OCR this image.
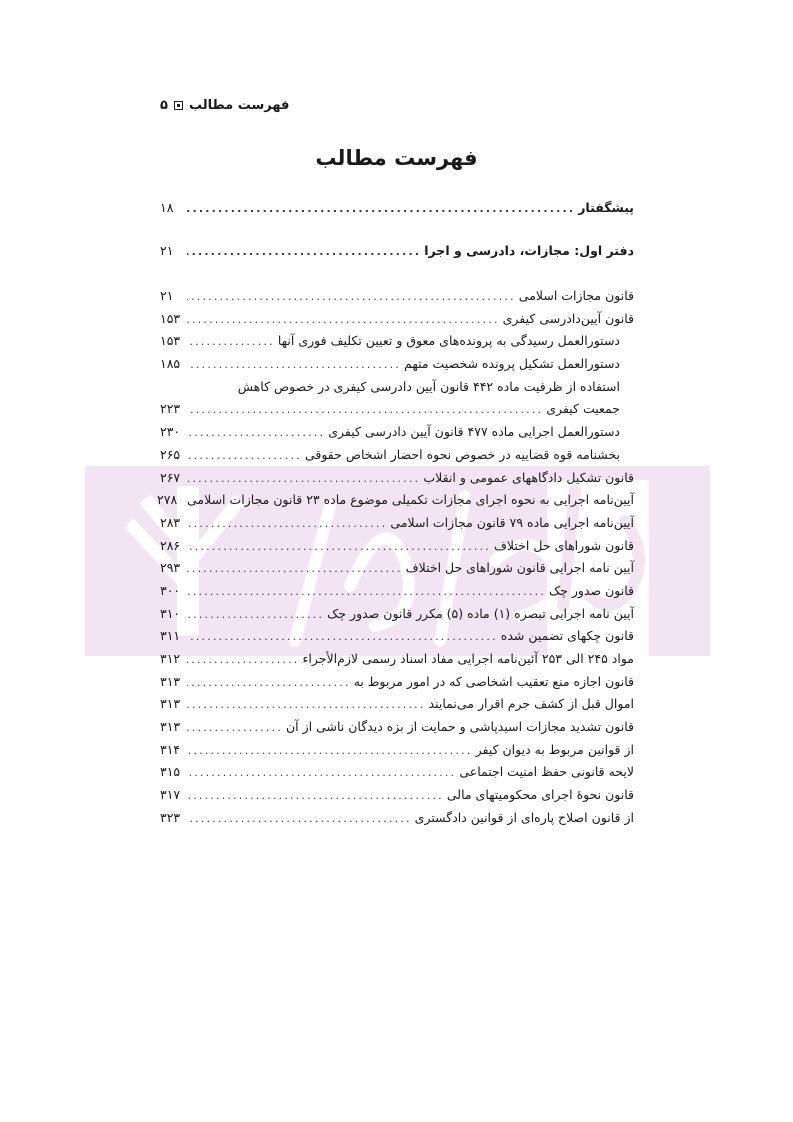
فهرست مطالب
۵
فهرست مطالب
پیشگفتار
.....
۱۸
دفتر اول: مجازات، دادرسی و اجرا
.....
۲۱
قانون مجازات اسلامی
.....
۲۱
قانون آیین‌دادرسی کیفری
.....
۱۵۳
دستورالعمل رسیدگی به پرونده‌های معوق و تعیین تکلیف فوری آنها
.....
۱۵۳
دستورالعمل تشکیل پرونده شخصیت متهم
.....
۱۸۵
استفاده از ظرفیت ماده ۴۴۲ قانون آیین دادرسی کیفری در خصوص کاهش
جمعیت کیفری
.....
۲۲۳
دستورالعمل اجرایی ماده ۴۷۷ قانون آیین دادرسی کیفری
.....
۲۳۰
بخشنامه قوه قضاییه در خصوص نحوه احضار اشخاص حقوقی
.....
۲۶۵
قانون تشکیل دادگاههای عمومی و انقلاب
.....
۲۶۷
آیین‌نامه اجرایی به نحوه اجرای مجازات تکمیلی موضوع ماده ۲۳ قانون مجازات اسلامی
۲۷۸
آیین‌نامه اجرایی ماده ۷۹ قانون مجازات اسلامی
.....
۲۸۳
قانون شوراهای حل اختلاف
.....
۲۸۶
آیین نامه اجرایی قانون شوراهای حل اختلاف
.....
۲۹۳
قانون صدور چک
.....
۳۰۰
آیین نامه اجرایی تبصره (۱) ماده (۵) مکرر قانون صدور چک
.....
۳۱۰
قانون چکهای تضمین شده
.....
۳۱۱
مواد ۲۴۵ الی ۲۵۳ آئین‌نامه اجرایی مفاد اسناد رسمی لازم‌الأجراء
.....
۳۱۲
قانون اجازه منع تعقیب اشخاصی که در امور مربوط به
.....
۳۱۳
اموال قبل از کشف جرم اقرار می‌نمایند
.....
۳۱۳
قانون تشدید مجازات اسیدپاشی و حمایت از بزه دیدگان ناشی از آن
.....
۳۱۳
از قوانین مربوط به دیوان کیفر
.....
۳۱۴
لایحه قانونی حفظ امنیت اجتماعی
.....
۳۱۵
قانون نحوهٔ اجرای محکومیتهای مالی
.....
۳۱۷
از قانون اصلاح پاره‌ای از قوانین دادگستری
.....
۳۲۳
